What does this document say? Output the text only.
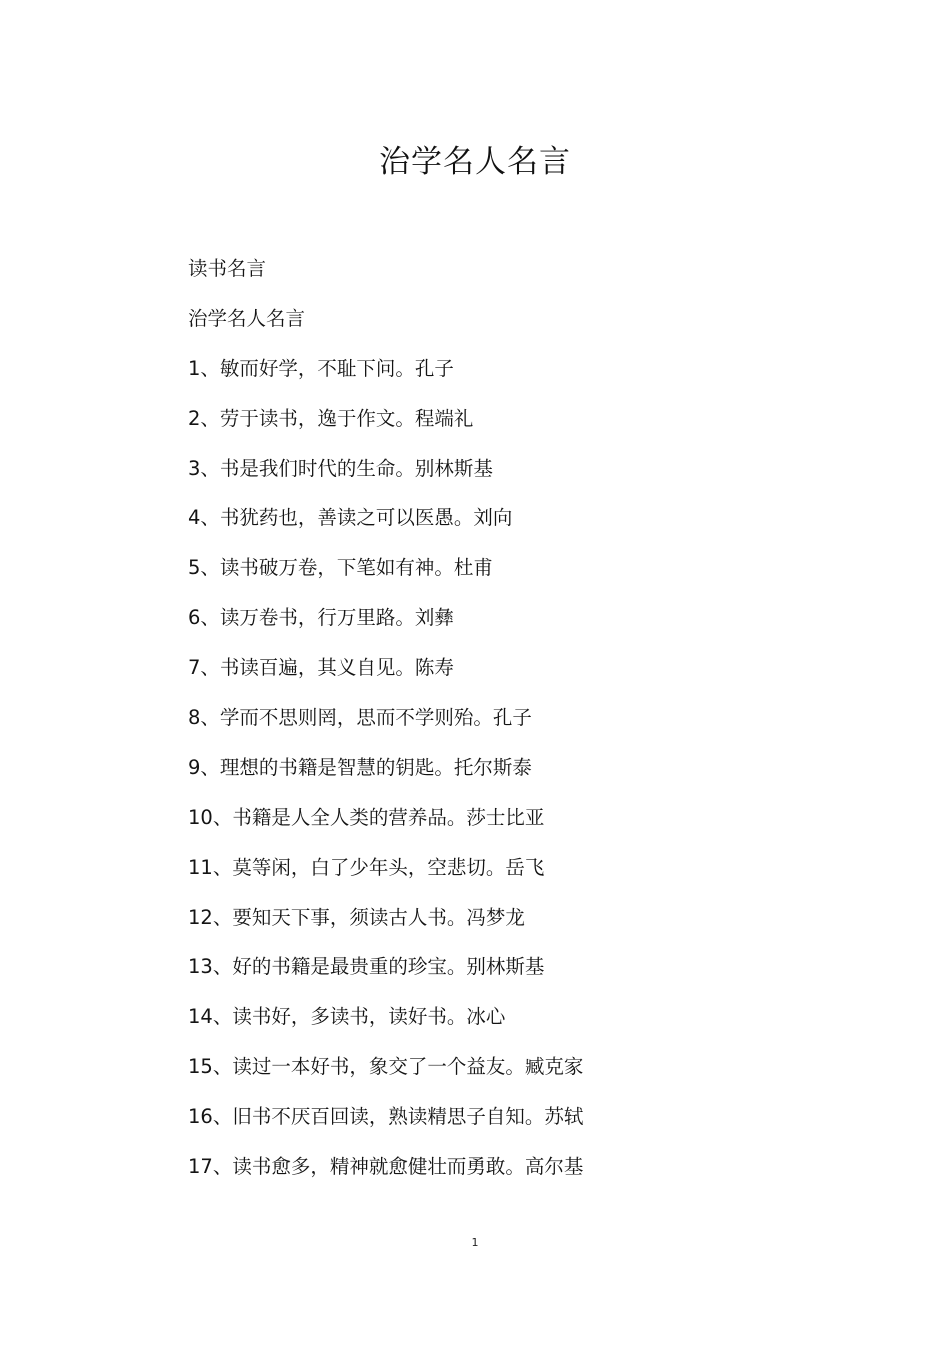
治学名人名言
读书名言
治学名人名言
1、敏而好学，不耻下问。孔子
2、劳于读书，逸于作文。程端礼
3、书是我们时代的生命。别林斯基
4、书犹药也，善读之可以医愚。刘向
5、读书破万卷，下笔如有神。杜甫
6、读万卷书，行万里路。刘彝
7、书读百遍，其义自见。陈寿
8、学而不思则罔，思而不学则殆。孔子
9、理想的书籍是智慧的钥匙。托尔斯泰
10、书籍是人全人类的营养品。莎士比亚
11、莫等闲，白了少年头，空悲切。岳飞
12、要知天下事，须读古人书。冯梦龙
13、好的书籍是最贵重的珍宝。别林斯基
14、读书好，多读书，读好书。冰心
15、读过一本好书，象交了一个益友。臧克家
16、旧书不厌百回读，熟读精思子自知。苏轼
17、读书愈多，精神就愈健壮而勇敢。高尔基
1
